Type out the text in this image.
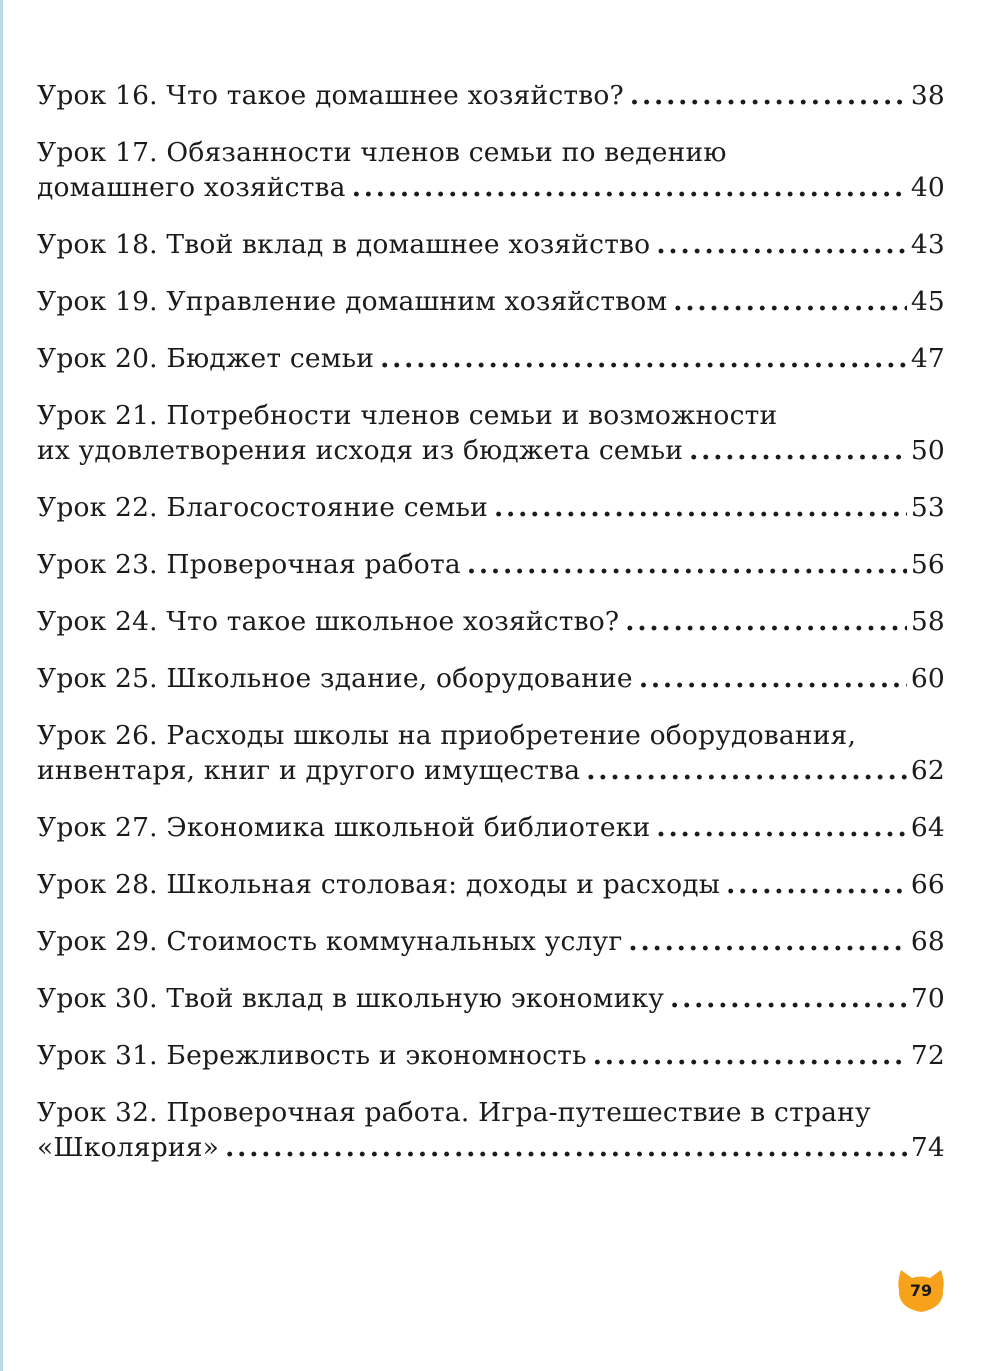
Урок 16. Что такое домашнее хозяйство? . . .	38
Урок 17. Обязанности членов семьи по ведению
домашнего хозяйства . . .	40
Урок 18. Твой вклад в домашнее хозяйство . . .	43
Урок 19. Управление домашним хозяйством . . .	45
Урок 20. Бюджет семьи . . .	47
Урок 21. Потребности членов семьи и возможности
их удовлетворения исходя из бюджета семьи . . .	50
Урок 22. Благосостояние семьи . . .	53
Урок 23. Проверочная работа . . .	56
Урок 24. Что такое школьное хозяйство? . . .	58
Урок 25. Школьное здание, оборудование . . .	60
Урок 26. Расходы школы на приобретение оборудования,
инвентаря, книг и другого имущества . . .	62
Урок 27. Экономика школьной библиотеки . . .	64
Урок 28. Школьная столовая: доходы и расходы . . .	66
Урок 29. Стоимость коммунальных услуг . . .	68
Урок 30. Твой вклад в школьную экономику . . .	70
Урок 31. Бережливость и экономность . . .	72
Урок 32. Проверочная работа. Игра-путешествие в страну
«Школярия» . . .	74
79
